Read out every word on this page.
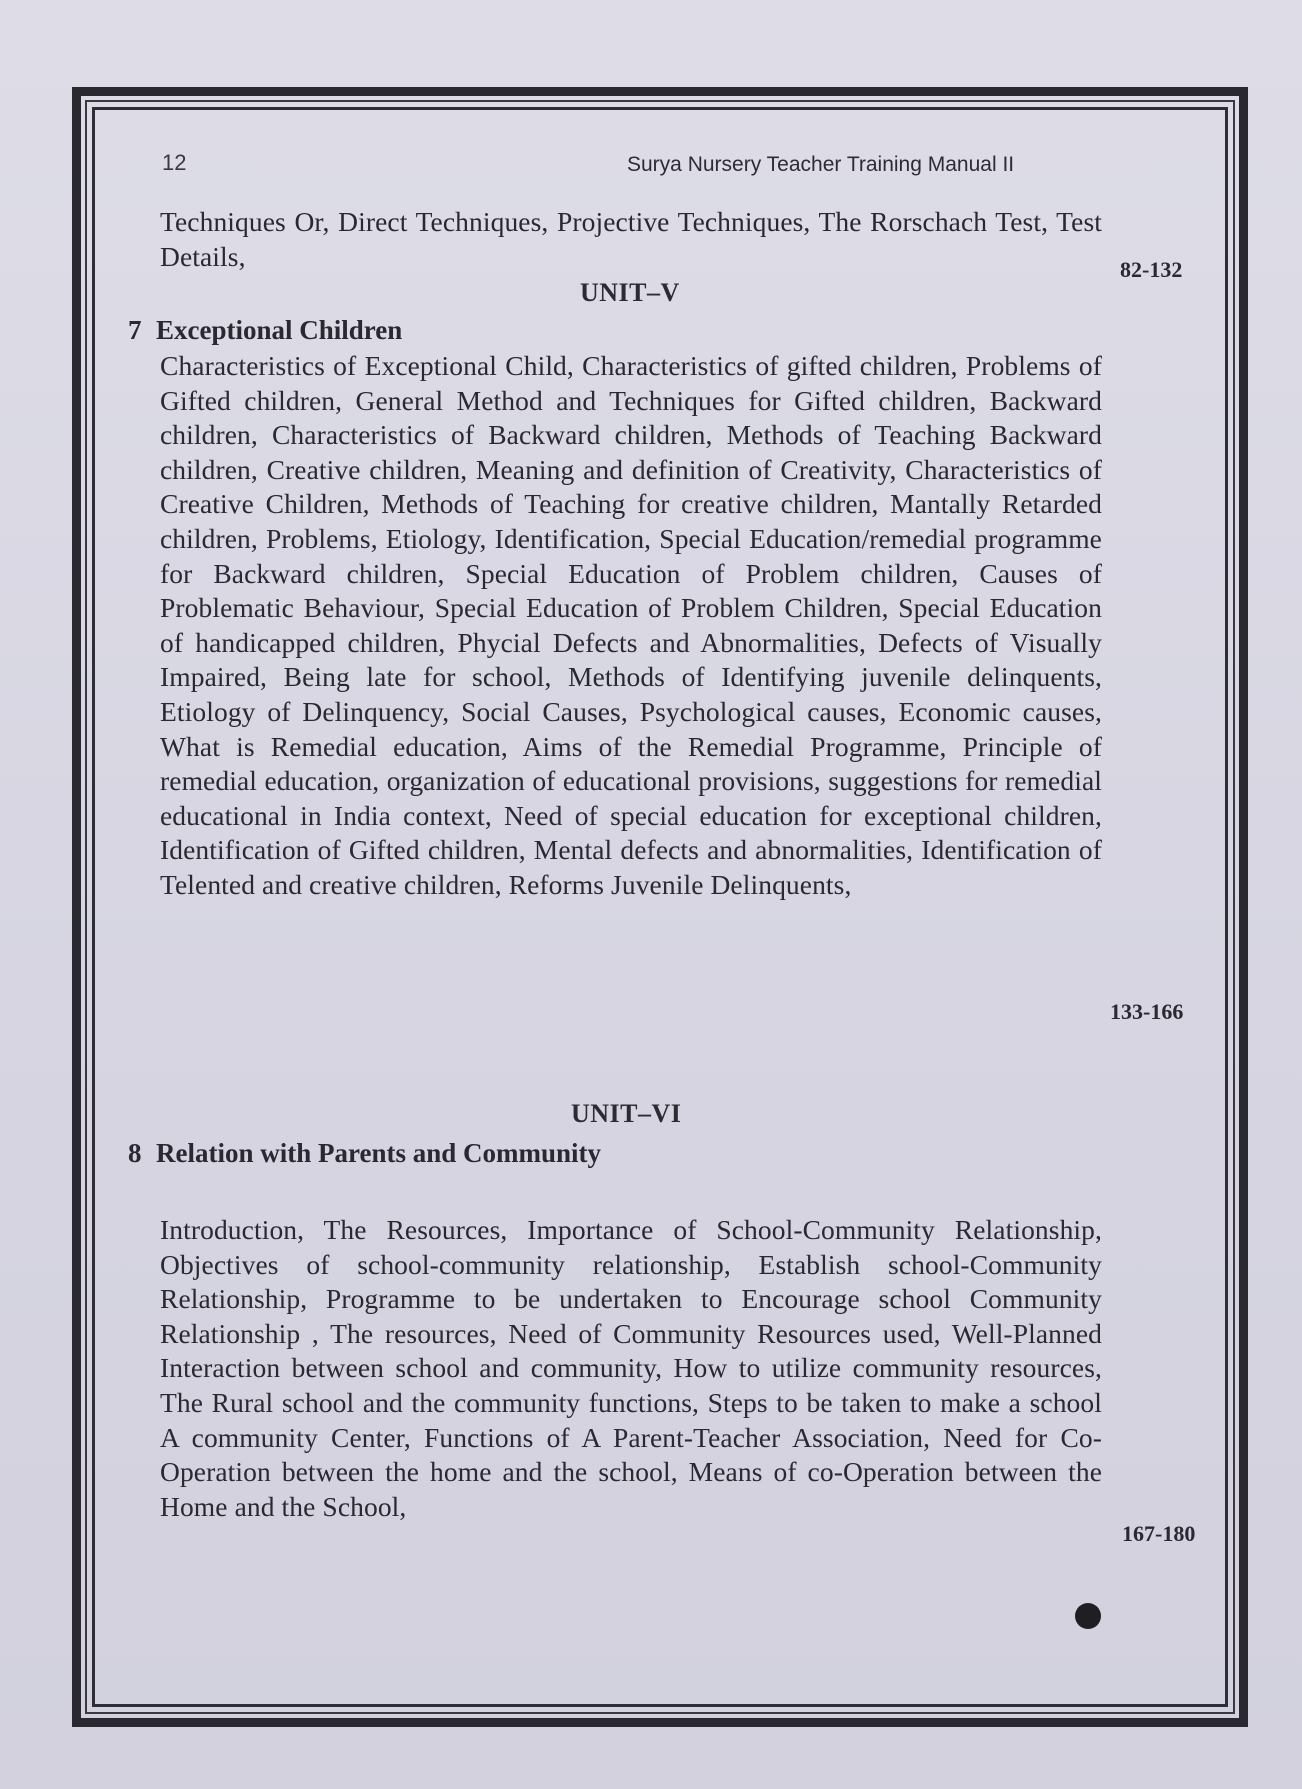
12	Surya Nursery Teacher Training Manual II

Techniques Or, Direct Techniques, Projective Techniques, The Rorschach Test, Test Details,	82-132
UNIT–V
7 Exceptional Children

Characteristics of Exceptional Child, Characteristics of gifted children, Problems of Gifted children, General Method and Techniques for Gifted children, Backward children, Characteristics of Backward children, Methods of Teaching Backward children, Creative children, Meaning and definition of Creativity, Characteristics of Creative Children, Methods of Teaching for creative children, Mantally Retarded children, Problems, Etiology, Identification, Special Education/remedial programme for Backward children, Special Education of Problem children, Causes of Problematic Behaviour, Special Education of Problem Children, Special Education of handicapped children, Phycial Defects and Abnormalities, Defects of Visually Impaired, Being late for school, Methods of Identifying juvenile delinquents, Etiology of Delinquency, Social Causes, Psychological causes, Economic causes, What is Remedial education, Aims of the Remedial Programme, Principle of remedial education, organization of educational provisions, suggestions for remedial educational in India context, Need of special education for exceptional children, Identification of Gifted children, Mental defects and abnormalities, Identification of Telented and creative children, Reforms Juvenile Delinquents,

133-166
UNIT–VI
8 Relation with Parents and Community

Introduction, The Resources, Importance of School-Community Relationship, Objectives of school-community relationship, Establish school-Community Relationship, Programme to be undertaken to Encourage school Community Relationship , The resources, Need of Community Resources used, Well-Planned Interaction between school and community, How to utilize community resources, The Rural school and the community functions, Steps to be taken to make a school A community Center, Functions of A Parent-Teacher Association, Need for Co-Operation between the home and the school, Means of co-Operation between the Home and the School,

167-180
